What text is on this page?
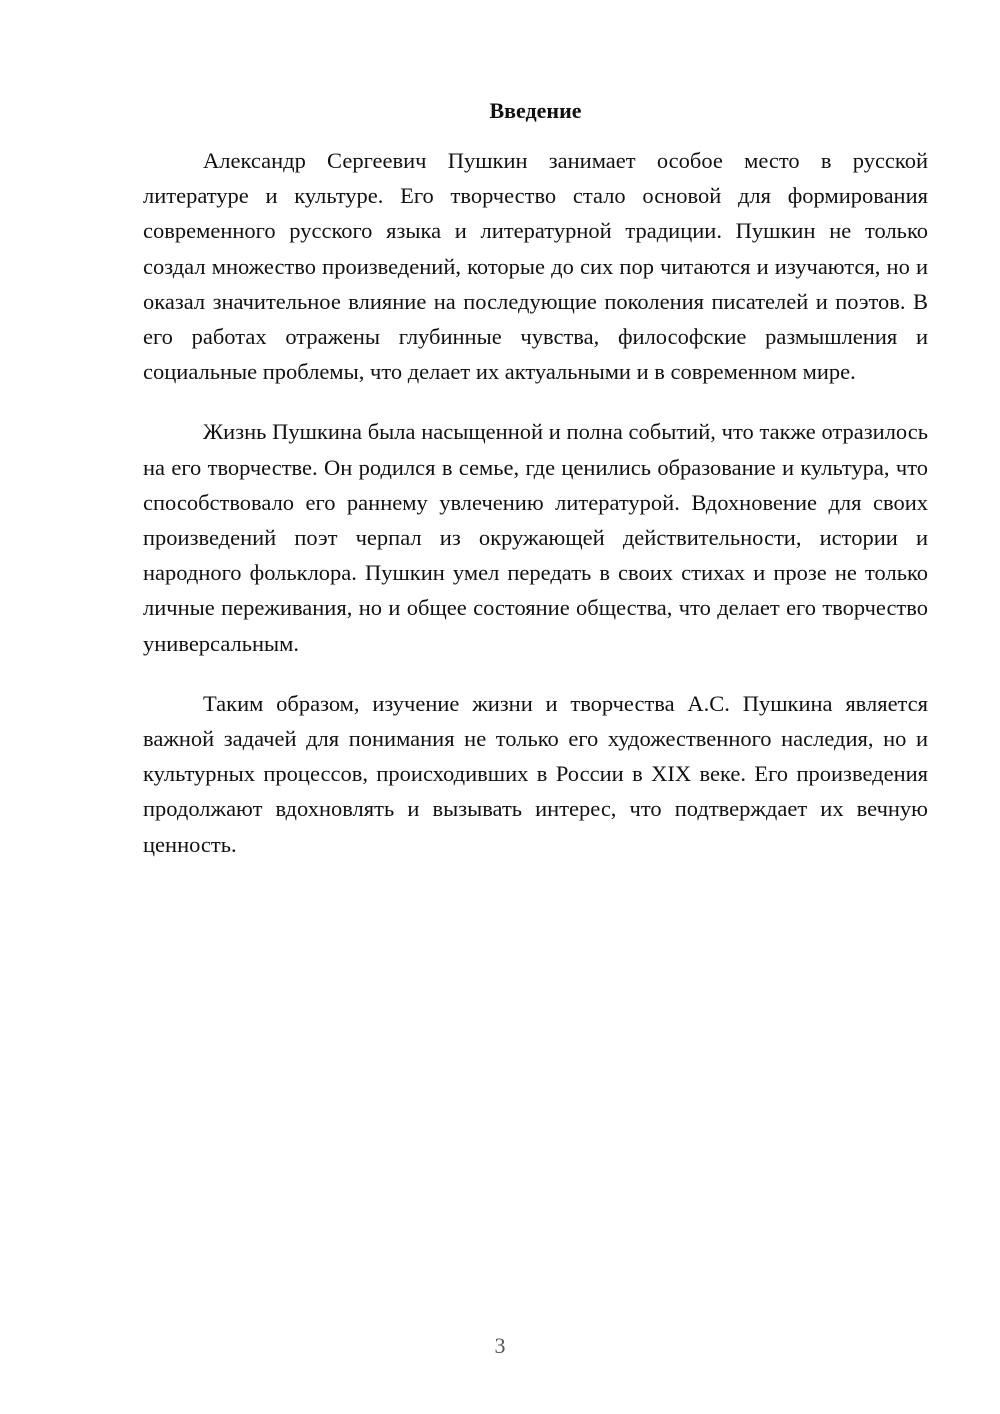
Введение

Александр Сергеевич Пушкин занимает особое место в русской литературе и культуре. Его творчество стало основой для формирования современного русского языка и литературной традиции. Пушкин не только создал множество произведений, которые до сих пор читаются и изучаются, но и оказал значительное влияние на последующие поколения писателей и поэтов. В его работах отражены глубинные чувства, философские размышления и социальные проблемы, что делает их актуальными и в современном мире.

Жизнь Пушкина была насыщенной и полна событий, что также отразилось на его творчестве. Он родился в семье, где ценились образование и культура, что способствовало его раннему увлечению литературой. Вдохновение для своих произведений поэт черпал из окружающей действительности, истории и народного фольклора. Пушкин умел передать в своих стихах и прозе не только личные переживания, но и общее состояние общества, что делает его творчество универсальным.

Таким образом, изучение жизни и творчества А.С. Пушкина является важной задачей для понимания не только его художественного наследия, но и культурных процессов, происходивших в России в XIX веке. Его произведения продолжают вдохновлять и вызывать интерес, что подтверждает их вечную ценность.

3
